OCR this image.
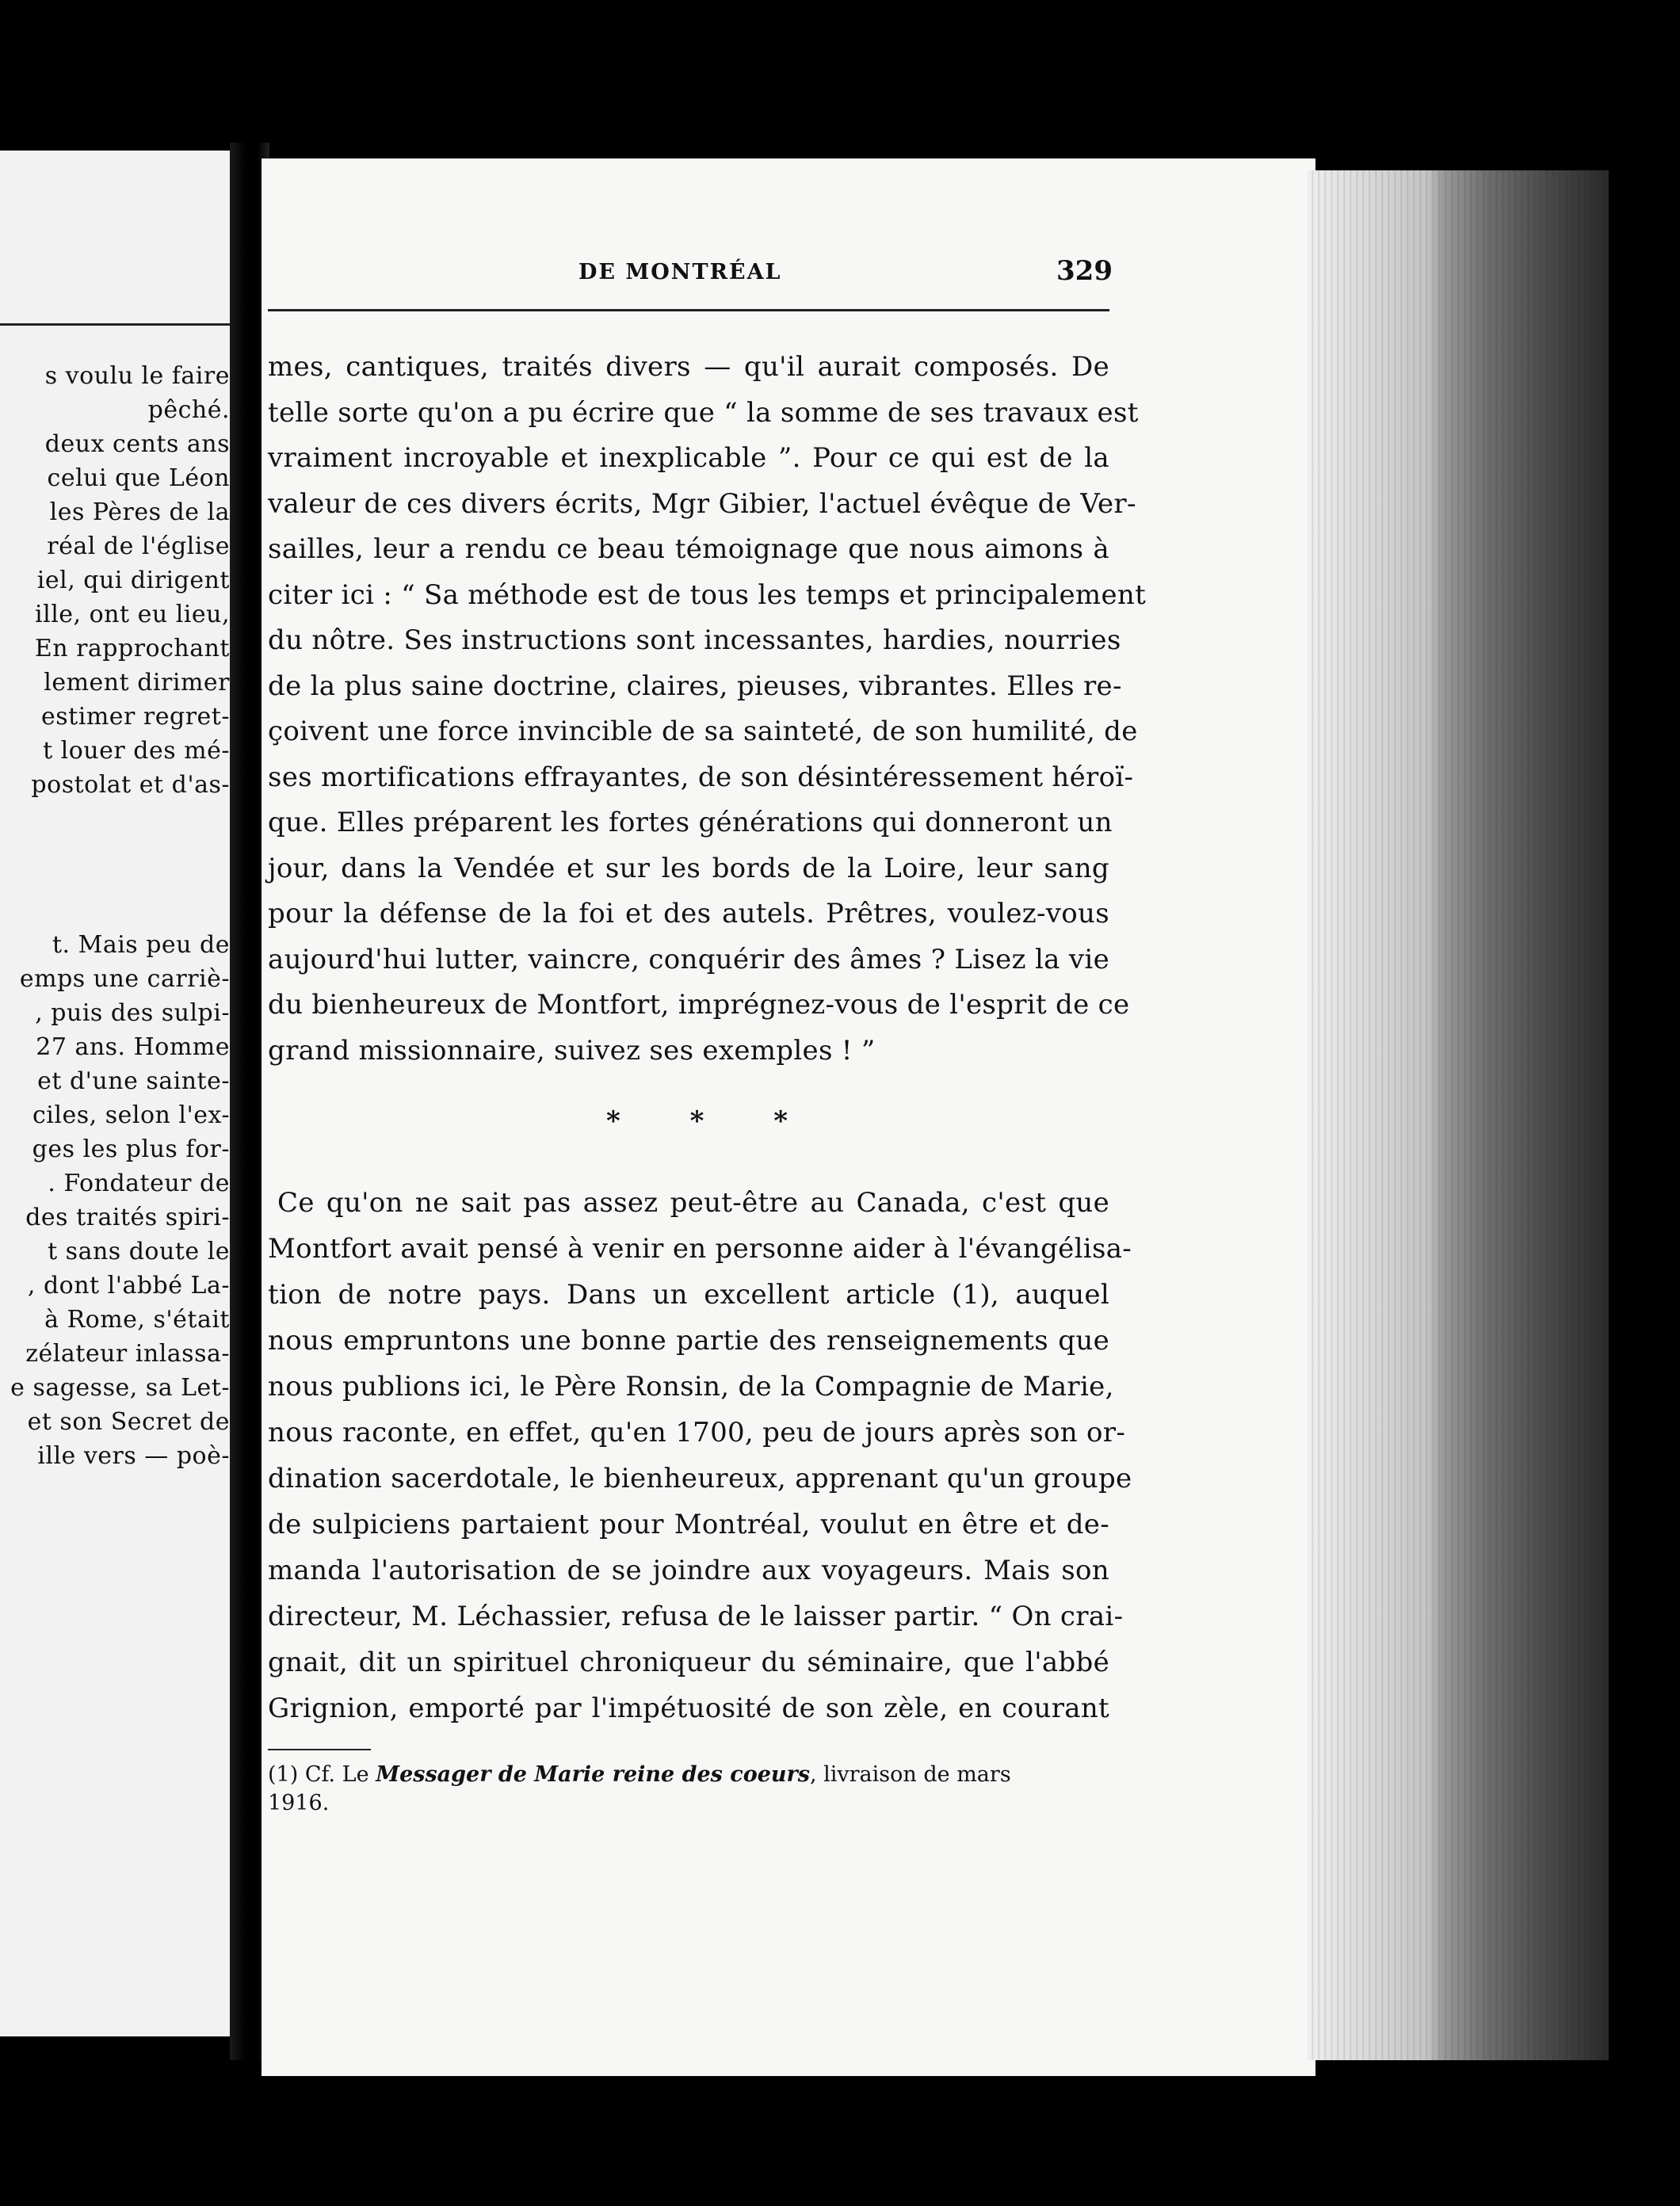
s voulu le faire
pêché.
deux cents ans
celui que Léon
les Pères de la
réal de l'église
iel, qui dirigent
ille, ont eu lieu,
En rapprochant
lement dirimer
estimer regret-
t louer des mé-
postolat et d'as-
t. Mais peu de
emps une carriè-
, puis des sulpi-
27 ans. Homme
et d'une sainte-
ciles, selon l'ex-
ges les plus for-
. Fondateur de
des traités spiri-
t sans doute le
, dont l'abbé La-
à Rome, s'était
zélateur inlassa-
e sagesse, sa Let-
et son Secret de
ille vers — poè-
DE MONTRÉAL	329
mes, cantiques, traités divers — qu'il aurait composés. De
telle sorte qu'on a pu écrire que “ la somme de ses travaux est
vraiment incroyable et inexplicable ”. Pour ce qui est de la
valeur de ces divers écrits, Mgr Gibier, l'actuel évêque de Ver-
sailles, leur a rendu ce beau témoignage que nous aimons à
citer ici : “ Sa méthode est de tous les temps et principalement
du nôtre. Ses instructions sont incessantes, hardies, nourries
de la plus saine doctrine, claires, pieuses, vibrantes. Elles re-
çoivent une force invincible de sa sainteté, de son humilité, de
ses mortifications effrayantes, de son désintéressement héroï-
que. Elles préparent les fortes générations qui donneront un
jour, dans la Vendée et sur les bords de la Loire, leur sang
pour la défense de la foi et des autels. Prêtres, voulez-vous
aujourd'hui lutter, vaincre, conquérir des âmes ? Lisez la vie
du bienheureux de Montfort, imprégnez-vous de l'esprit de ce
grand missionnaire, suivez ses exemples ! ”
* * *
Ce qu'on ne sait pas assez peut-être au Canada, c'est que
Montfort avait pensé à venir en personne aider à l'évangélisa-
tion de notre pays. Dans un excellent article (1), auquel
nous empruntons une bonne partie des renseignements que
nous publions ici, le Père Ronsin, de la Compagnie de Marie,
nous raconte, en effet, qu'en 1700, peu de jours après son or-
dination sacerdotale, le bienheureux, apprenant qu'un groupe
de sulpiciens partaient pour Montréal, voulut en être et de-
manda l'autorisation de se joindre aux voyageurs. Mais son
directeur, M. Léchassier, refusa de le laisser partir. “ On crai-
gnait, dit un spirituel chroniqueur du séminaire, que l'abbé
Grignion, emporté par l'impétuosité de son zèle, en courant
(1) Cf. Le Messager de Marie reine des coeurs, livraison de mars
1916.
